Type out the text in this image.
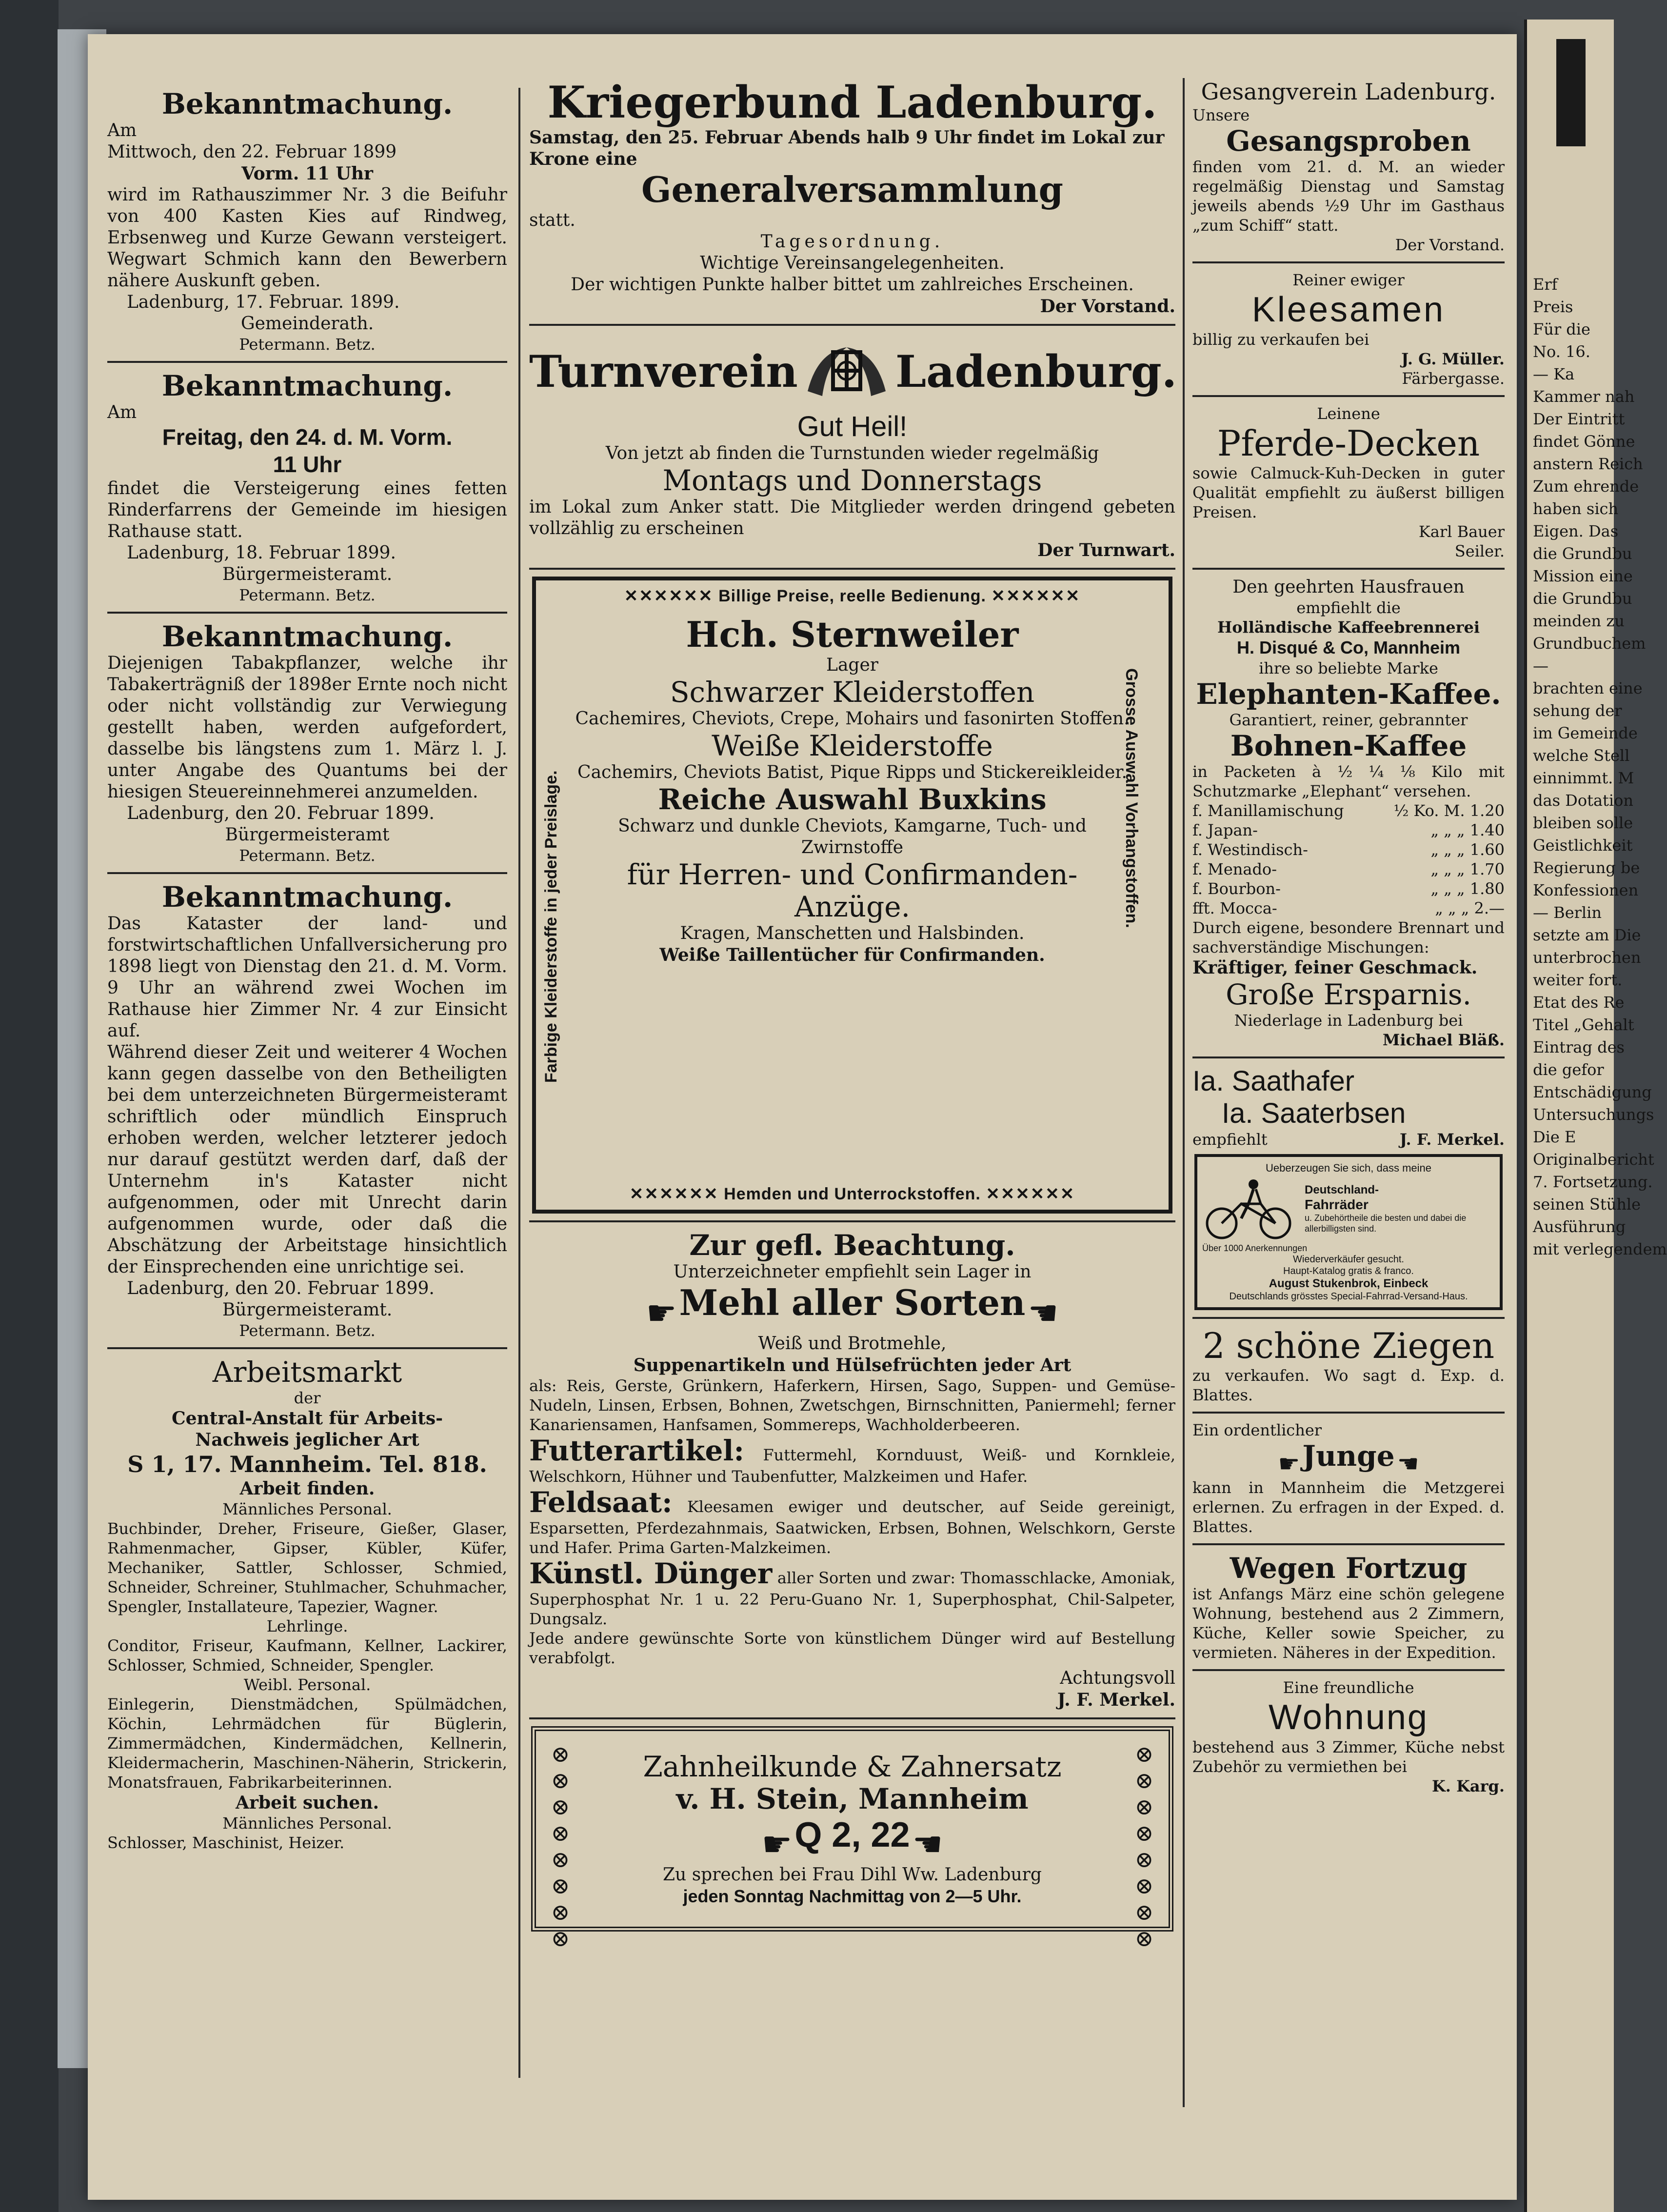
Bekanntmachung.
Am
Mittwoch, den 22. Februar 1899
Vorm. 11 Uhr
wird im Rathauszimmer Nr. 3 die Beifuhr von 400 Kasten Kies auf Rindweg, Erbsenweg und Kurze Gewann versteigert. Wegwart Schmich kann den Bewerbern nähere Auskunft geben.
Ladenburg, 17. Februar. 1899.
Gemeinderath.
Petermann. Betz.
Bekanntmachung.
Am
Freitag, den 24. d. M. Vorm.
11 Uhr
findet die Versteigerung eines fetten Rinderfarrens der Gemeinde im hiesigen Rathause statt.
Ladenburg, 18. Februar 1899.
Bürgermeisteramt.
Petermann. Betz.
Bekanntmachung.
Diejenigen Tabakpflanzer, welche ihr Tabakerträgniß der 1898er Ernte noch nicht oder nicht vollständig zur Verwiegung gestellt haben, werden aufgefordert, dasselbe bis längstens zum 1. März l. J. unter Angabe des Quantums bei der hiesigen Steuereinnehmerei anzumelden.
Ladenburg, den 20. Februar 1899.
Bürgermeisteramt
Petermann. Betz.
Bekanntmachung.
Das Kataster der land- und forstwirtschaftlichen Unfallversicherung pro 1898 liegt von Dienstag den 21. d. M. Vorm. 9 Uhr an während zwei Wochen im Rathause hier Zimmer Nr. 4 zur Einsicht auf.
Während dieser Zeit und weiterer 4 Wochen kann gegen dasselbe von den Betheiligten bei dem unterzeichneten Bürgermeisteramt schriftlich oder mündlich Einspruch erhoben werden, welcher letzterer jedoch nur darauf gestützt werden darf, daß der Unternehm in's Kataster nicht aufgenommen, oder mit Unrecht darin aufgenommen wurde, oder daß die Abschätzung der Arbeitstage hinsichtlich der Einsprechenden eine unrichtige sei.
Ladenburg, den 20. Februar 1899.
Bürgermeisteramt.
Petermann. Betz.
Arbeitsmarkt
der
Central-Anstalt für Arbeits-
Nachweis jeglicher Art
S 1, 17. Mannheim. Tel. 818.
Arbeit finden.
Männliches Personal.
Buchbinder, Dreher, Friseure, Gießer, Glaser, Rahmenmacher, Gipser, Kübler, Küfer, Mechaniker, Sattler, Schlosser, Schmied, Schneider, Schreiner, Stuhlmacher, Schuhmacher, Spengler, Installateure, Tapezier, Wagner.
Lehrlinge.
Conditor, Friseur, Kaufmann, Kellner, Lackirer, Schlosser, Schmied, Schneider, Spengler.
Weibl. Personal.
Einlegerin, Dienstmädchen, Spülmädchen, Köchin, Lehrmädchen für Büglerin, Zimmermädchen, Kindermädchen, Kellnerin, Kleidermacherin, Maschinen-Näherin, Strickerin, Monatsfrauen, Fabrikarbeiterinnen.
Arbeit suchen.
Männliches Personal.
Schlosser, Maschinist, Heizer.
Kriegerbund Ladenburg.
Samstag, den 25. Februar Abends halb 9 Uhr findet im Lokal zur Krone eine
Generalversammlung
statt.
Tagesordnung.
Wichtige Vereinsangelegenheiten.
Der wichtigen Punkte halber bittet um zahlreiches Erscheinen.
Der Vorstand.
Turnverein Ladenburg.
Gut Heil!
Von jetzt ab finden die Turnstunden wieder regelmäßig
Montags und Donnerstags
im Lokal zum Anker statt. Die Mitglieder werden dringend gebeten vollzählig zu erscheinen
Der Turnwart.
✕✕✕✕✕✕ Billige Preise, reelle Bedienung. ✕✕✕✕✕✕
Farbige Kleiderstoffe in jeder Preislage.	Grosse Auswahl Vorhangstoffen.
Hch. Sternweiler
Lager
Schwarzer Kleiderstoffen
Cachemires, Cheviots, Crepe, Mohairs und fasonirten Stoffen.
Weiße Kleiderstoffe
Cachemirs, Cheviots Batist, Pique Ripps und Stickereikleider.
Reiche Auswahl Buxkins
Schwarz und dunkle Cheviots, Kamgarne, Tuch- und Zwirnstoffe
für Herren- und Confirmanden-
Anzüge.
Kragen, Manschetten und Halsbinden.
Weiße Taillentücher für Confirmanden.
✕✕✕✕✕✕ Hemden und Unterrockstoffen. ✕✕✕✕✕✕
Zur gefl. Beachtung.
Unterzeichneter empfiehlt sein Lager in
☛ Mehl aller Sorten ☚
Weiß und Brotmehle,
Suppenartikeln und Hülsefrüchten jeder Art
als: Reis, Gerste, Grünkern, Haferkern, Hirsen, Sago, Suppen- und Gemüse-Nudeln, Linsen, Erbsen, Bohnen, Zwetschgen, Birnschnitten, Paniermehl; ferner Kanariensamen, Hanfsamen, Sommereps, Wachholderbeeren.
Futterartikel: Futtermehl, Kornduust, Weiß- und Kornkleie, Welschkorn, Hühner und Taubenfutter, Malzkeimen und Hafer.
Feldsaat: Kleesamen ewiger und deutscher, auf Seide gereinigt, Esparsetten, Pferdezahnmais, Saatwicken, Erbsen, Bohnen, Welschkorn, Gerste und Hafer. Prima Garten-Malzkeimen.
Künstl. Dünger aller Sorten und zwar: Thomasschlacke, Amoniak, Superphosphat Nr. 1 u. 22 Peru-Guano Nr. 1, Superphosphat, Chil-Salpeter, Dungsalz.
Jede andere gewünschte Sorte von künstlichem Dünger wird auf Bestellung verabfolgt.
Achtungsvoll
J. F. Merkel.
⊗
⊗
⊗
⊗
⊗
⊗
⊗
⊗
⊗
⊗
⊗
⊗
⊗
⊗
⊗
⊗
Zahnheilkunde & Zahnersatz
v. H. Stein, Mannheim
☛ Q 2, 22 ☚
Zu sprechen bei Frau Dihl Ww. Ladenburg
jeden Sonntag Nachmittag von 2—5 Uhr.
Gesangverein Ladenburg.
Unsere
Gesangsproben
finden vom 21. d. M. an wieder regelmäßig Dienstag und Samstag jeweils abends ½9 Uhr im Gasthaus „zum Schiff“ statt.
Der Vorstand.
Reiner ewiger
Kleesamen
billig zu verkaufen bei
J. G. Müller.
Färbergasse.
Leinene
Pferde-Decken
sowie Calmuck-Kuh-Decken in guter Qualität empfiehlt zu äußerst billigen Preisen.
Karl Bauer
Seiler.
Den geehrten Hausfrauen
empfiehlt die
Holländische Kaffeebrennerei
H. Disqué & Co, Mannheim
ihre so beliebte Marke
Elephanten-Kaffee.
Garantiert, reiner, gebrannter
Bohnen-Kaffee
in Packeten à ½ ¼ ⅛ Kilo mit Schutzmarke „Elephant“ versehen.
f. Manillamischung	½ Ko. M. 1.20
f. Japan-	„ „ „ 1.40
f. Westindisch-	„ „ „ 1.60
f. Menado-	„ „ „ 1.70
f. Bourbon-	„ „ „ 1.80
fft. Mocca-	„ „ „ 2.—
Durch eigene, besondere Brennart und sachverständige Mischungen:
Kräftiger, feiner Geschmack.
Große Ersparnis.
Niederlage in Ladenburg bei
Michael Bläß.
Ia. Saathafer
Ia. Saaterbsen
empfiehlt	J. F. Merkel.
Ueberzeugen Sie sich, dass meine
Deutschland-
Fahrräder
u. Zubehörtheile die besten und dabei die allerbilligsten sind.
Über 1000 Anerkennungen
Wiederverkäufer gesucht.
Haupt-Katalog gratis & franco.
August Stukenbrok, Einbeck
Deutschlands grösstes Special-Fahrrad-Versand-Haus.
2 schöne Ziegen
zu verkaufen. Wo sagt d. Exp. d. Blattes.
Ein ordentlicher
☛ Junge ☚
kann in Mannheim die Metzgerei erlernen. Zu erfragen in der Exped. d. Blattes.
Wegen Fortzug
ist Anfangs März eine schön gelegene Wohnung, bestehend aus 2 Zimmern, Küche, Keller sowie Speicher, zu vermieten. Näheres in der Expedition.
Eine freundliche
Wohnung
bestehend aus 3 Zimmer, Küche nebst Zubehör zu vermiethen bei
K. Karg.
Erf
Preis
Für die
No. 16.
— Ka
Kammer nah
Der Eintritt
findet Gönne
anstern Reich
Zum ehrende
haben sich
Eigen. Das
die Grundbu
Mission eine
die Grundbu
meinden zu
Grundbuchem
—
brachten eine
sehung der
im Gemeinde
welche Stell
einnimmt. M
das Dotation
bleiben solle
Geistlichkeit
Regierung be
Konfessionen
— Berlin
setzte am Die
unterbrochen
weiter fort.
Etat des Re
Titel „Gehalt
Eintrag des
die gefor
Entschädigung
Untersuchungs
Die E
Originalbericht
7. Fortsetzung.
seinen Stühle
Ausführung
mit verlegendem
